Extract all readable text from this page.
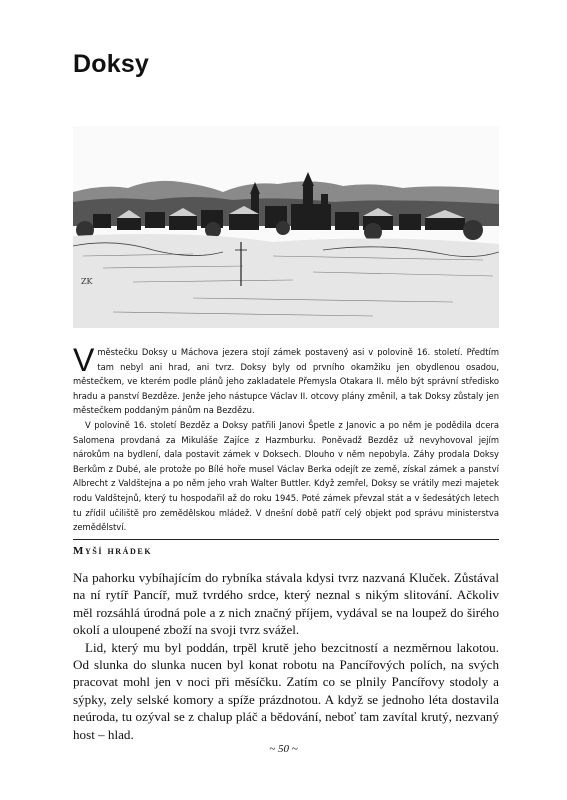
Doksy
ZK

Vměstečku Doksy u Máchova jezera stojí zámek postavený asi v polovině 16. století. Předtím tam nebyl ani hrad, ani tvrz. Doksy byly od prvního okamžiku jen obydlenou osadou, městečkem, ve kterém podle plánů jeho zakladatele Přemysla Otakara II. mělo být správní středisko hradu a panství Bezděze. Jenže jeho nástupce Václav II. otcovy plány změnil, a tak Doksy zůstaly jen městečkem poddaným pánům na Bezdězu.

V polovině 16. století Bezděz a Doksy patřili Janovi Špetle z Janovic a po něm je podědila dcera Salomena provdaná za Mikuláše Zajíce z Hazmburku. Poněvadž Bezděz už nevyhovoval jejím nárokům na bydlení, dala postavit zámek v Doksech. Dlouho v něm nepobyla. Záhy prodala Doksy Berkům z Dubé, ale protože po Bílé hoře musel Václav Berka odejít ze země, získal zámek a panství Albrecht z Valdštejna a po něm jeho vrah Walter Buttler. Když zemřel, Doksy se vrátily mezi majetek rodu Valdštejnů, který tu hospodařil až do roku 1945. Poté zámek převzal stát a v šedesátých letech tu zřídil učiliště pro zemědělskou mládež. V dnešní době patří celý objekt pod správu ministerstva zemědělství.

Myší hrádek

Na pahorku vybíhajícím do rybníka stávala kdysi tvrz nazvaná Kluček. Zůstával na ní rytíř Pancíř, muž tvrdého srdce, který neznal s nikým slitování. Ačkoliv měl rozsáhlá úrodná pole a z nich značný příjem, vydával se na loupež do širého okolí a uloupené zboží na svoji tvrz svážel.

Lid, který mu byl poddán, trpěl krutě jeho bezcitností a nezměrnou lakotou. Od slunka do slunka nucen byl konat robotu na Pancířových polích, na svých pracovat mohl jen v noci při měsíčku. Zatím co se plnily Pancířovy stodoly a sýpky, zely selské komory a spíže prázdnotou. A když se jednoho léta dostavila neúroda, tu ozýval se z chalup pláč a bědování, neboť tam zavítal krutý, nezvaný host – hlad.

~ 50 ~
